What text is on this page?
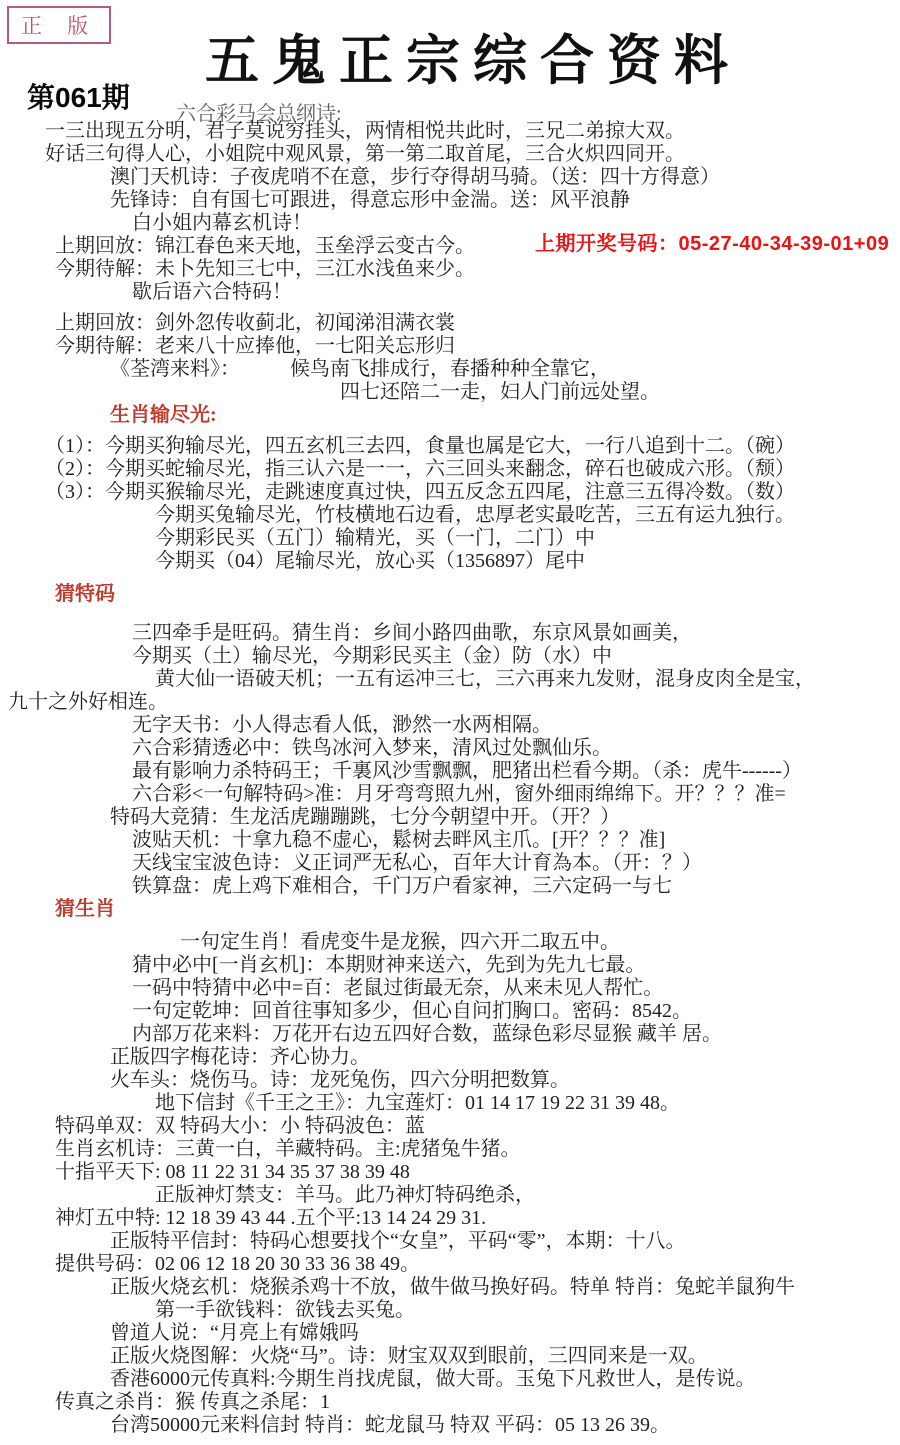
正 版
五鬼正宗综合资料
第061期
六合彩马会总纲诗:
一三出现五分明，君子莫说穷挂头，两情相悦共此时，三兄二弟掠大双。
好话三句得人心，小姐院中观风景，第一第二取首尾，三合火炽四同开。
澳门天机诗：子夜虎哨不在意，步行夺得胡马骑。（送：四十方得意）
先锋诗：自有国七可跟进，得意忘形中金湍。送：风平浪静
白小姐内幕玄机诗！
上期回放：锦江春色来天地，玉垒浮云变古今。	上期开奖号码：05-27-40-34-39-01+09
今期待解：未卜先知三七中，三江水浅鱼来少。
歇后语六合特码！
上期回放：剑外忽传收蓟北，初闻涕泪满衣裳
今期待解：老来八十应捧他，一七阳关忘形归
《荃湾来料》：　　　候鸟南飞排成行，春播种种全靠它，
四七还陪二一走，妇人门前远处望。
生肖输尽光:
（1）：今期买狗输尽光，四五玄机三去四，食量也属是它大，一行八追到十二。（碗）
（2）：今期买蛇输尽光，指三认六是一一，六三回头来翻念，碎石也破成六形。（颓）
（3）：今期买猴输尽光，走跳速度真过快，四五反念五四尾，注意三五得冷数。（数）
今期买兔输尽光，竹枝横地石边看，忠厚老实最吃苦，三五有运九独行。
今期彩民买（五门）输精光，买（一门，二门）中
今期买（04）尾输尽光，放心买（1356897）尾中
猜特码
三四牵手是旺码。猜生肖：乡间小路四曲歌，东京风景如画美，
今期买（土）输尽光，今期彩民买主（金）防（水）中
黄大仙一语破天机；一五有运冲三七，三六再来九发财，混身皮肉全是宝，
九十之外好相连。
无字天书：小人得志看人低，渺然一水两相隔。
六合彩猜透必中：铁鸟冰河入梦来，清风过处飘仙乐。
最有影响力杀特码王；千裏风沙雪飘飘，肥猪出栏看今期。（杀：虎牛------）
六合彩<一句解特码>准：月牙弯弯照九州，窗外细雨绵绵下。开？？？准=
特码大竞猜：生龙活虎蹦蹦跳，七分今朝望中开。（开？）
波贴天机：十拿九稳不虚心，鬆树去畔风主爪。[开？？？准]
天线宝宝波色诗：义正词严无私心，百年大计育為本。（开：？）
铁算盘：虎上鸡下难相合，千门万户看家神，三六定码一与七
猜生肖
一句定生肖！看虎变牛是龙猴，四六开二取五中。
猜中必中[一肖玄机]：本期财神来送六，先到为先九七最。
一码中特猜中必中=百：老鼠过街最无奈，从来未见人帮忙。
一句定乾坤：回首往事知多少，但心自问扪胸口。密码：8542。
内部万花来料：万花开右边五四好合数，蓝绿色彩尽显猴 藏羊 居。
正版四字梅花诗：齐心协力。
火车头：烧伤马。诗：龙死兔伤，四六分明把数算。
地下信封《千王之王》：九宝莲灯：01 14 17 19 22 31 39 48。
特码单双：双 特码大小：小 特码波色：蓝
生肖玄机诗：三黄一白，羊藏特码。主:虎猪兔牛猪。
十指平天下: 08 11 22 31 34 35 37 38 39 48
正版神灯禁支：羊马。此乃神灯特码绝杀，
神灯五中特: 12 18 39 43 44 .五个平:13 14 24 29 31.
正版特平信封：特码心想要找个“女皇”，平码“零”，本期：十八。
提供号码：02 06 12 18 20 30 33 36 38 49。
正版火烧玄机：烧猴杀鸡十不放，做牛做马换好码。特单 特肖：兔蛇羊鼠狗牛
第一手欲钱料：欲钱去买兔。
曾道人说：“月亮上有嫦娥吗
正版火烧图解：火烧“马”。诗：财宝双双到眼前，三四同来是一双。
香港6000元传真料:今期生肖找虎鼠，做大哥。玉兔下凡救世人，是传说。
传真之杀肖：猴 传真之杀尾：1
台湾50000元来料信封 特肖：蛇龙鼠马 特双 平码：05 13 26 39。
